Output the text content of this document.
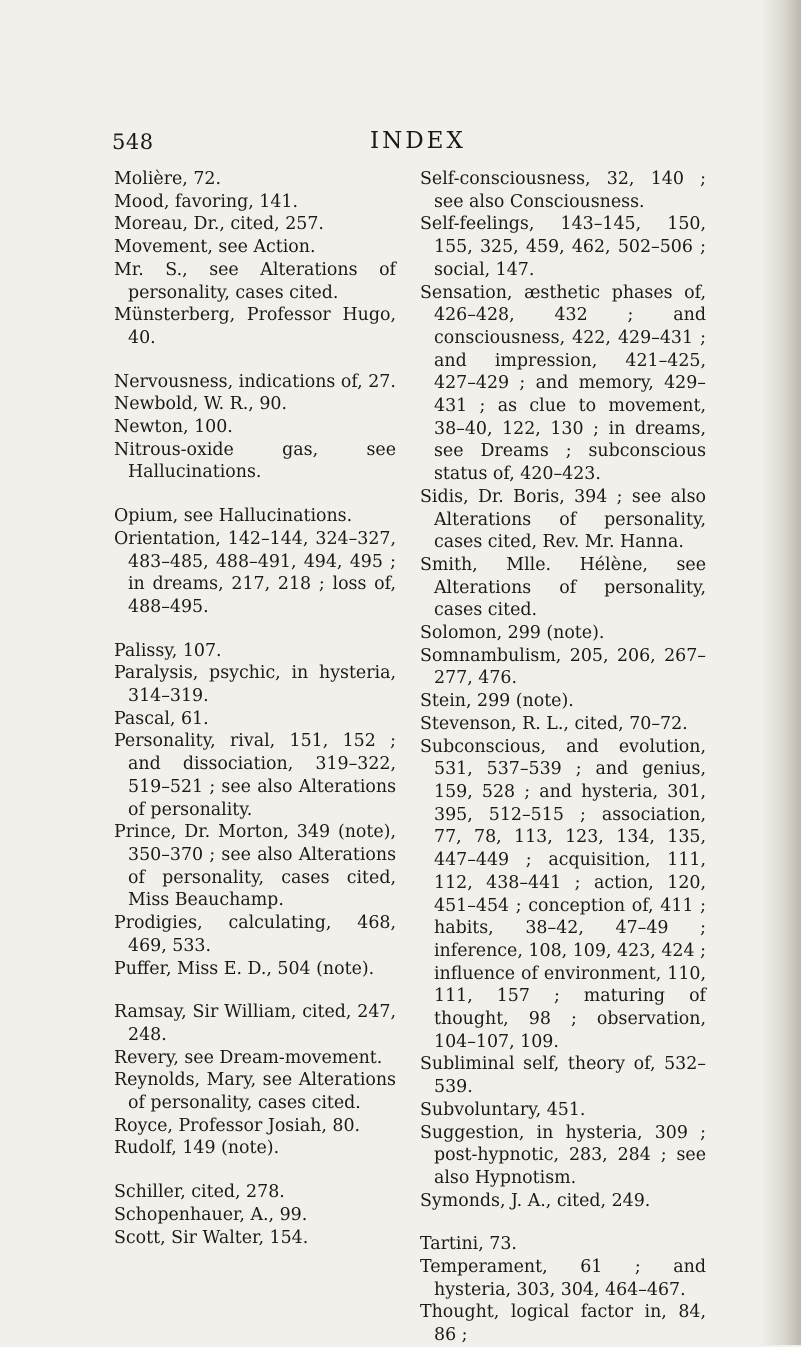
548	INDEX

Molière, 72.

Mood, favoring, 141.

Moreau, Dr., cited, 257.

Movement, see Action.

Mr. S., see Alterations of personality, cases cited.

Münsterberg, Professor Hugo, 40.

Nervousness, indications of, 27.

Newbold, W. R., 90.

Newton, 100.

Nitrous-oxide gas, see Hallucinations.

Opium, see Hallucinations.

Orientation, 142–144, 324–327, 483–485, 488–491, 494, 495 ; in dreams, 217, 218 ; loss of, 488–495.

Palissy, 107.

Paralysis, psychic, in hysteria, 314–319.

Pascal, 61.

Personality, rival, 151, 152 ; and dissociation, 319–322, 519–521 ; see also Alterations of personality.

Prince, Dr. Morton, 349 (note), 350–370 ; see also Alterations of personality, cases cited, Miss Beauchamp.

Prodigies, calculating, 468, 469, 533.

Puffer, Miss E. D., 504 (note).

Ramsay, Sir William, cited, 247, 248.

Revery, see Dream-movement.

Reynolds, Mary, see Alterations of personality, cases cited.

Royce, Professor Josiah, 80.

Rudolf, 149 (note).

Schiller, cited, 278.

Schopenhauer, A., 99.

Scott, Sir Walter, 154.

Self-consciousness, 32, 140 ; see also Consciousness.

Self-feelings, 143–145, 150, 155, 325, 459, 462, 502–506 ; social, 147.

Sensation, æsthetic phases of, 426–428, 432 ; and consciousness, 422, 429–431 ; and impression, 421–425, 427–429 ; and memory, 429–431 ; as clue to movement, 38–40, 122, 130 ; in dreams, see Dreams ; subconscious status of, 420–423.

Sidis, Dr. Boris, 394 ; see also Alterations of personality, cases cited, Rev. Mr. Hanna.

Smith, Mlle. Hélène, see Alterations of personality, cases cited.

Solomon, 299 (note).

Somnambulism, 205, 206, 267–277, 476.

Stein, 299 (note).

Stevenson, R. L., cited, 70–72.

Subconscious, and evolution, 531, 537–539 ; and genius, 159, 528 ; and hysteria, 301, 395, 512–515 ; association, 77, 78, 113, 123, 134, 135, 447–449 ; acquisition, 111, 112, 438–441 ; action, 120, 451–454 ; conception of, 411 ; habits, 38–42, 47–49 ; inference, 108, 109, 423, 424 ; influence of environment, 110, 111, 157 ; maturing of thought, 98 ; observation, 104–107, 109.

Subliminal self, theory of, 532–539.

Subvoluntary, 451.

Suggestion, in hysteria, 309 ; post-hypnotic, 283, 284 ; see also Hypnotism.

Symonds, J. A., cited, 249.

Tartini, 73.

Temperament, 61 ; and hysteria, 303, 304, 464–467.

Thought, logical factor in, 84, 86 ;
